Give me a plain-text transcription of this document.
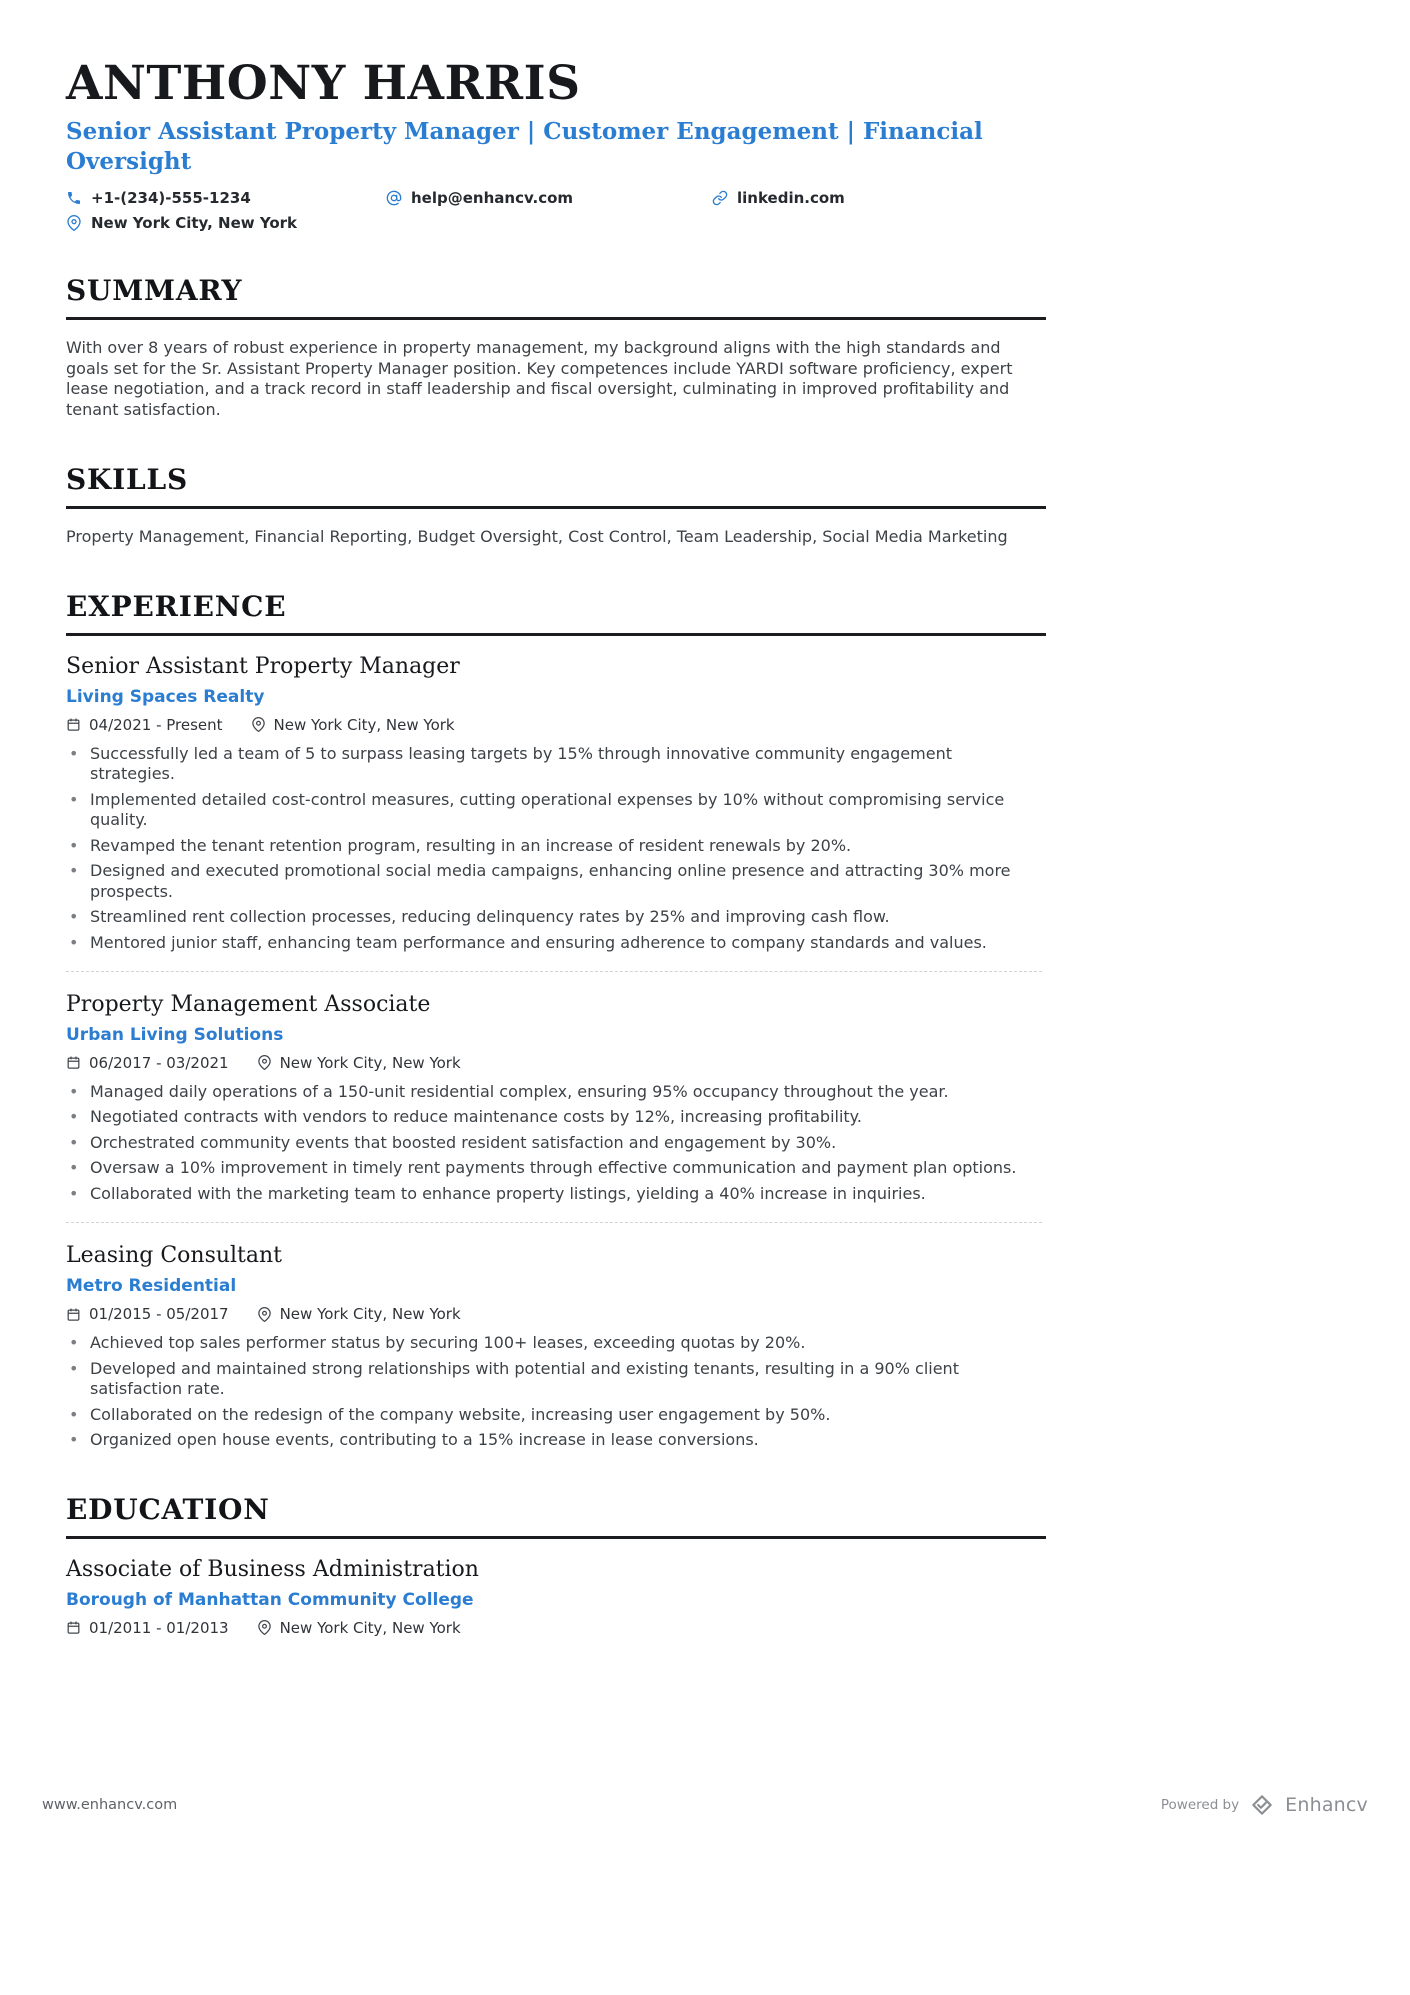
ANTHONY HARRIS
Senior Assistant Property Manager | Customer Engagement | Financial Oversight
+1-(234)-555-1234	help@enhancv.com	linkedin.com
New York City, New York
SUMMARY

With over 8 years of robust experience in property management, my background aligns with the high standards and goals set for the Sr. Assistant Property Manager position. Key competences include YARDI software proficiency, expert lease negotiation, and a track record in staff leadership and fiscal oversight, culminating in improved profitability and tenant satisfaction.

SKILLS

Property Management, Financial Reporting, Budget Oversight, Cost Control, Team Leadership, Social Media Marketing

EXPERIENCE
Senior Assistant Property Manager
Living Spaces Realty
04/2021 - Present	New York City, New York
• Successfully led a team of 5 to surpass leasing targets by 15% through innovative community engagement strategies.
• Implemented detailed cost-control measures, cutting operational expenses by 10% without compromising service quality.
• Revamped the tenant retention program, resulting in an increase of resident renewals by 20%.
• Designed and executed promotional social media campaigns, enhancing online presence and attracting 30% more prospects.
• Streamlined rent collection processes, reducing delinquency rates by 25% and improving cash flow.
• Mentored junior staff, enhancing team performance and ensuring adherence to company standards and values.
Property Management Associate
Urban Living Solutions
06/2017 - 03/2021	New York City, New York
• Managed daily operations of a 150-unit residential complex, ensuring 95% occupancy throughout the year.
• Negotiated contracts with vendors to reduce maintenance costs by 12%, increasing profitability.
• Orchestrated community events that boosted resident satisfaction and engagement by 30%.
• Oversaw a 10% improvement in timely rent payments through effective communication and payment plan options.
• Collaborated with the marketing team to enhance property listings, yielding a 40% increase in inquiries.
Leasing Consultant
Metro Residential
01/2015 - 05/2017	New York City, New York
• Achieved top sales performer status by securing 100+ leases, exceeding quotas by 20%.
• Developed and maintained strong relationships with potential and existing tenants, resulting in a 90% client satisfaction rate.
• Collaborated on the redesign of the company website, increasing user engagement by 50%.
• Organized open house events, contributing to a 15% increase in lease conversions.
EDUCATION
Associate of Business Administration
Borough of Manhattan Community College
01/2011 - 01/2013	New York City, New York
www.enhancv.com	Powered by Enhancv
